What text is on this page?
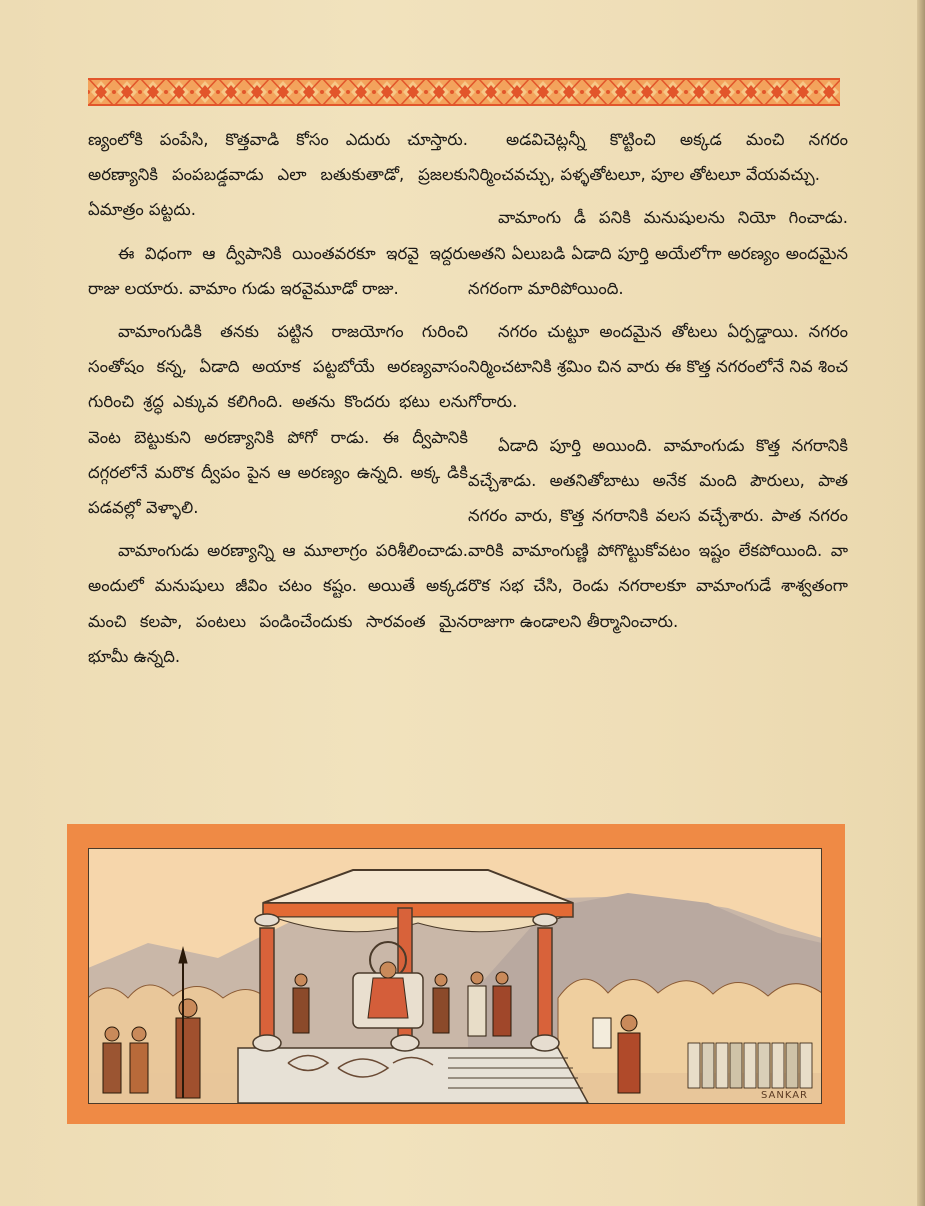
ణ్యంలోకి పంపేసి, కొత్తవాడి కోసం ఎదురు చూస్తారు. అరణ్యానికి పంపబడ్డవాడు ఎలా బతుకుతాడో, ప్రజలకు ఏమాత్రం పట్టదు.

ఈ విధంగా ఆ ద్వీపానికి యింతవరకూ ఇరవై ఇద్దరు రాజు లయారు. వామాం గుడు ఇరవైమూడో రాజు.

వామాంగుడికి తనకు పట్టిన రాజయోగం గురించి సంతోషం కన్న, ఏడాది అయాక పట్టబోయే అరణ్యవాసం గురించి శ్రద్ధ ఎక్కువ కలిగింది. అతను కొందరు భటు లను వెంట బెట్టుకుని అరణ్యానికి పోగో రాడు. ఈ ద్వీపానికి దగ్గరలోనే మరొక ద్వీపం పైన ఆ అరణ్యం ఉన్నది. అక్క డికి పడవల్లో వెళ్ళాలి.

వామాంగుడు అరణ్యాన్ని ఆ మూలాగ్రం పరిశీలించాడు. అందులో మనుషులు జీవిం చటం కష్టం. అయితే అక్కడ మంచి కలపా, పంటలు పండించేందుకు సారవంత మైన భూమీ ఉన్నది.

అడవిచెట్లన్నీ కొట్టించి అక్కడ మంచి నగరం నిర్మించవచ్చు, పళ్ళతోటలూ, పూల తోటలూ వేయవచ్చు.

వామాంగు డీ పనికి మనుషులను నియో గించాడు. అతని ఏలుబడి ఏడాది పూర్తి అయేలోగా అరణ్యం అందమైన నగరంగా మారిపోయింది.

నగరం చుట్టూ అందమైన తోటలు ఏర్పడ్డాయి. నగరం నిర్మించటానికి శ్రమిం చిన వారు ఈ కొత్త నగరంలోనే నివ శించ గోరారు.

ఏడాది పూర్తి అయింది. వామాంగుడు కొత్త నగరానికి వచ్చేశాడు. అతనితోబాటు అనేక మంది పౌరులు, పాత నగరం వారు, కొత్త నగరానికి వలస వచ్చేశారు. పాత నగరం వారికి వామాంగుణ్ణి పోగొట్టుకోవటం ఇష్టం లేకపోయింది. వా రొక సభ చేసి, రెండు నగరాలకూ వామాంగుడే శాశ్వతంగా రాజుగా ఉండాలని తీర్మానించారు.

SANKAR
